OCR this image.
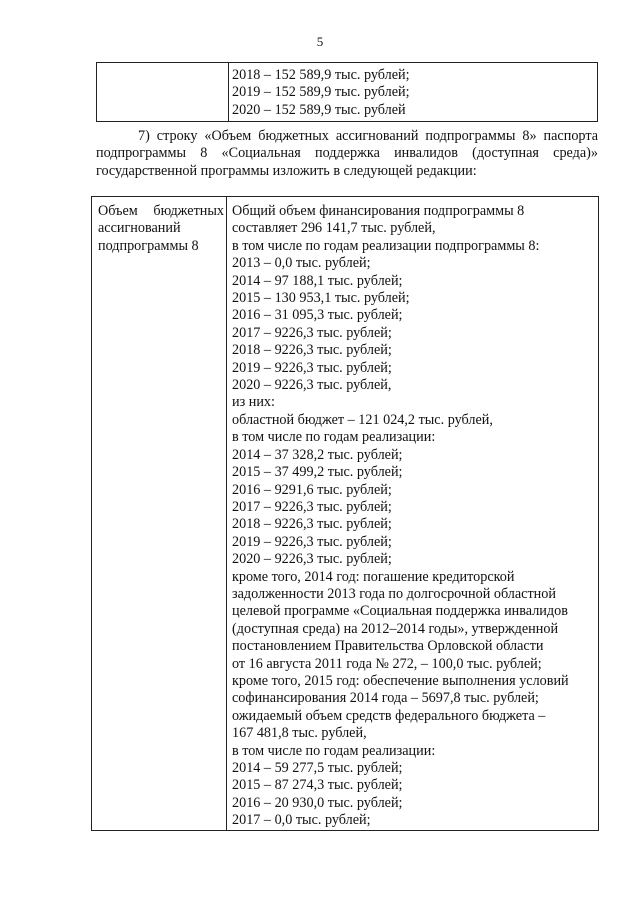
5
2018 – 152 589,9 тыс. рублей;
2019 – 152 589,9 тыс. рублей;
2020 – 152 589,9 тыс. рублей
7) строку «Объем бюджетных ассигнований подпрограммы 8» паспорта
подпрограммы 8 «Социальная поддержка инвалидов (доступная среда)»
государственной программы изложить в следующей редакции:
Объем бюджетных
ассигнований
подпрограммы 8
Общий объем финансирования подпрограммы 8
составляет 296 141,7 тыс. рублей,
в том числе по годам реализации подпрограммы 8:
2013 – 0,0 тыс. рублей;
2014 – 97 188,1 тыс. рублей;
2015 – 130 953,1 тыс. рублей;
2016 – 31 095,3 тыс. рублей;
2017 – 9226,3 тыс. рублей;
2018 – 9226,3 тыс. рублей;
2019 – 9226,3 тыс. рублей;
2020 – 9226,3 тыс. рублей,
из них:
областной бюджет – 121 024,2 тыс. рублей,
в том числе по годам реализации:
2014 – 37 328,2 тыс. рублей;
2015 – 37 499,2 тыс. рублей;
2016 – 9291,6 тыс. рублей;
2017 – 9226,3 тыс. рублей;
2018 – 9226,3 тыс. рублей;
2019 – 9226,3 тыс. рублей;
2020 – 9226,3 тыс. рублей;
кроме того, 2014 год: погашение кредиторской
задолженности 2013 года по долгосрочной областной
целевой программе «Социальная поддержка инвалидов
(доступная среда) на 2012–2014 годы», утвержденной
постановлением Правительства Орловской области
от 16 августа 2011 года № 272, – 100,0 тыс. рублей;
кроме того, 2015 год: обеспечение выполнения условий
софинансирования 2014 года – 5697,8 тыс. рублей;
ожидаемый объем средств федерального бюджета –
167 481,8 тыс. рублей,
в том числе по годам реализации:
2014 – 59 277,5 тыс. рублей;
2015 – 87 274,3 тыс. рублей;
2016 – 20 930,0 тыс. рублей;
2017 – 0,0 тыс. рублей;
